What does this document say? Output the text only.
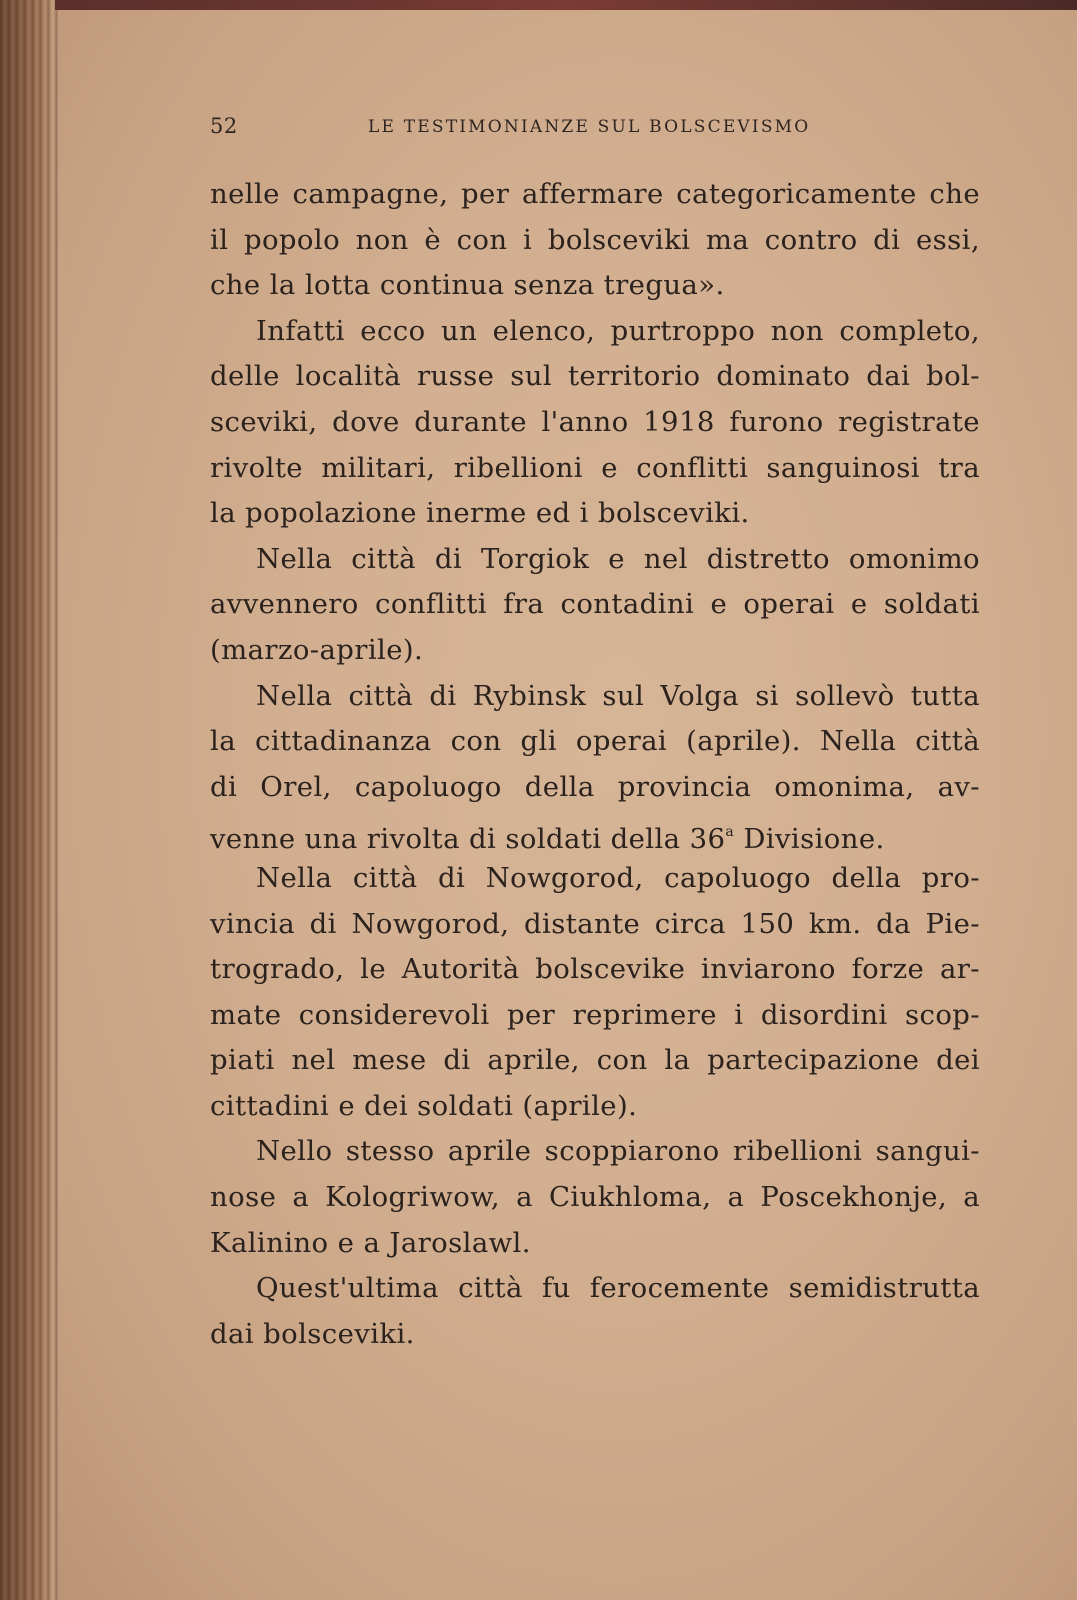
52	LE TESTIMONIANZE SUL BOLSCEVISMO
nelle campagne, per affermare categoricamente che
il popolo non è con i bolsceviki ma contro di essi,
che la lotta continua senza tregua».
Infatti ecco un elenco, purtroppo non completo,
delle località russe sul territorio dominato dai bol-
sceviki, dove durante l'anno 1918 furono registrate
rivolte militari, ribellioni e conflitti sanguinosi tra
la popolazione inerme ed i bolsceviki.
Nella città di Torgiok e nel distretto omonimo
avvennero conflitti fra contadini e operai e soldati
(marzo-aprile).
Nella città di Rybinsk sul Volga si sollevò tutta
la cittadinanza con gli operai (aprile). Nella città
di Orel, capoluogo della provincia omonima, av-
venne una rivolta di soldati della 36$^a$ Divisione.
Nella città di Nowgorod, capoluogo della pro-
vincia di Nowgorod, distante circa 150 km. da Pie-
trogrado, le Autorità bolscevike inviarono forze ar-
mate considerevoli per reprimere i disordini scop-
piati nel mese di aprile, con la partecipazione dei
cittadini e dei soldati (aprile).
Nello stesso aprile scoppiarono ribellioni sangui-
nose a Kologriwow, a Ciukhloma, a Poscekhonje, a
Kalinino e a Jaroslawl.
Quest'ultima città fu ferocemente semidistrutta
dai bolsceviki.
